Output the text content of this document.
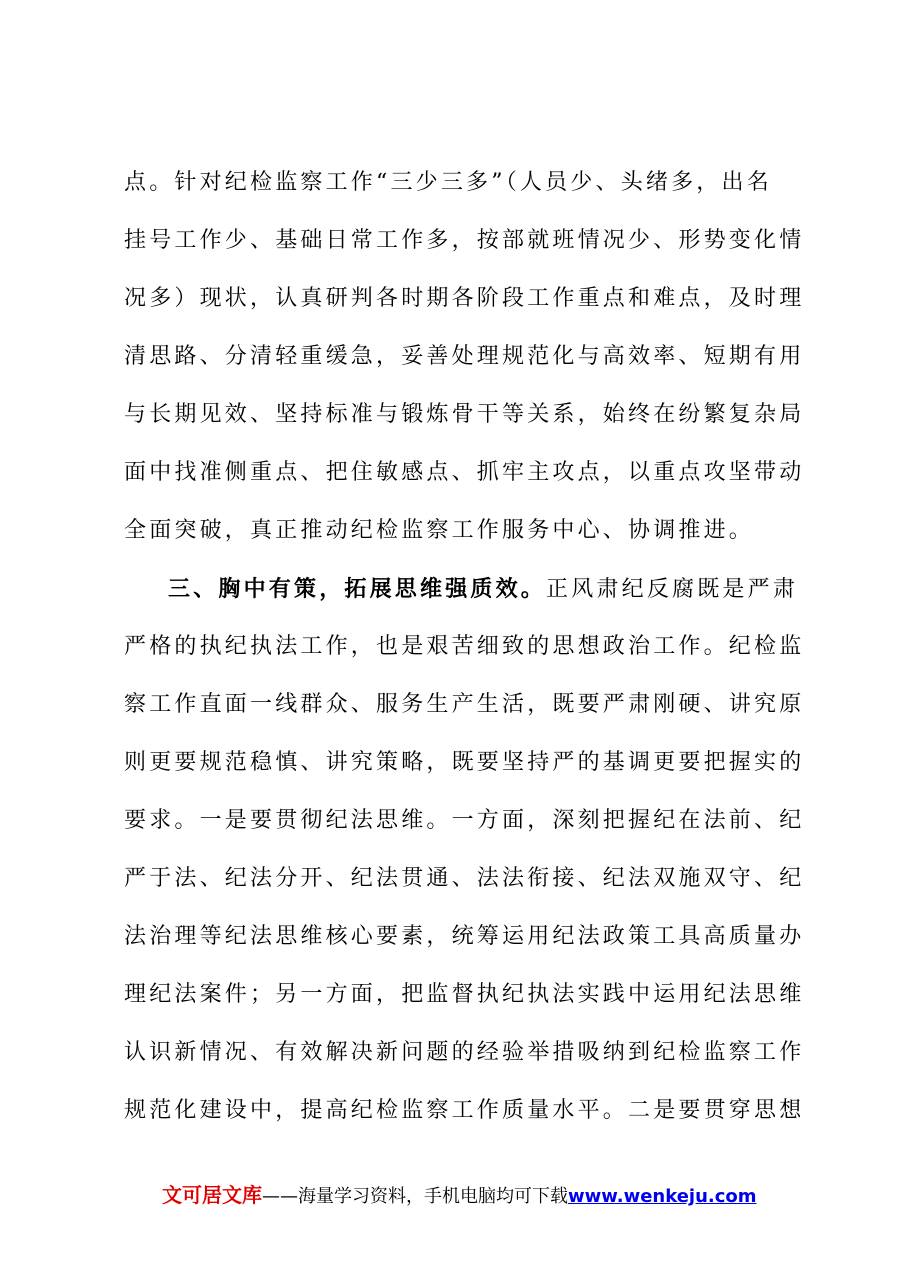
点。针对纪检监察工作“三少三多”（人员少、头绪多，出名
挂号工作少、基础日常工作多，按部就班情况少、形势变化情
况多）现状，认真研判各时期各阶段工作重点和难点，及时理
清思路、分清轻重缓急，妥善处理规范化与高效率、短期有用
与长期见效、坚持标准与锻炼骨干等关系，始终在纷繁复杂局
面中找准侧重点、把住敏感点、抓牢主攻点，以重点攻坚带动
全面突破，真正推动纪检监察工作服务中心、协调推进。
三、胸中有策，拓展思维强质效。正风肃纪反腐既是严肃
严格的执纪执法工作，也是艰苦细致的思想政治工作。纪检监
察工作直面一线群众、服务生产生活，既要严肃刚硬、讲究原
则更要规范稳慎、讲究策略，既要坚持严的基调更要把握实的
要求。一是要贯彻纪法思维。一方面，深刻把握纪在法前、纪
严于法、纪法分开、纪法贯通、法法衔接、纪法双施双守、纪
法治理等纪法思维核心要素，统筹运用纪法政策工具高质量办
理纪法案件；另一方面，把监督执纪执法实践中运用纪法思维
认识新情况、有效解决新问题的经验举措吸纳到纪检监察工作
规范化建设中，提高纪检监察工作质量水平。二是要贯穿思想
文可居文库——海量学习资料，手机电脑均可下载www.wenkeju.com
